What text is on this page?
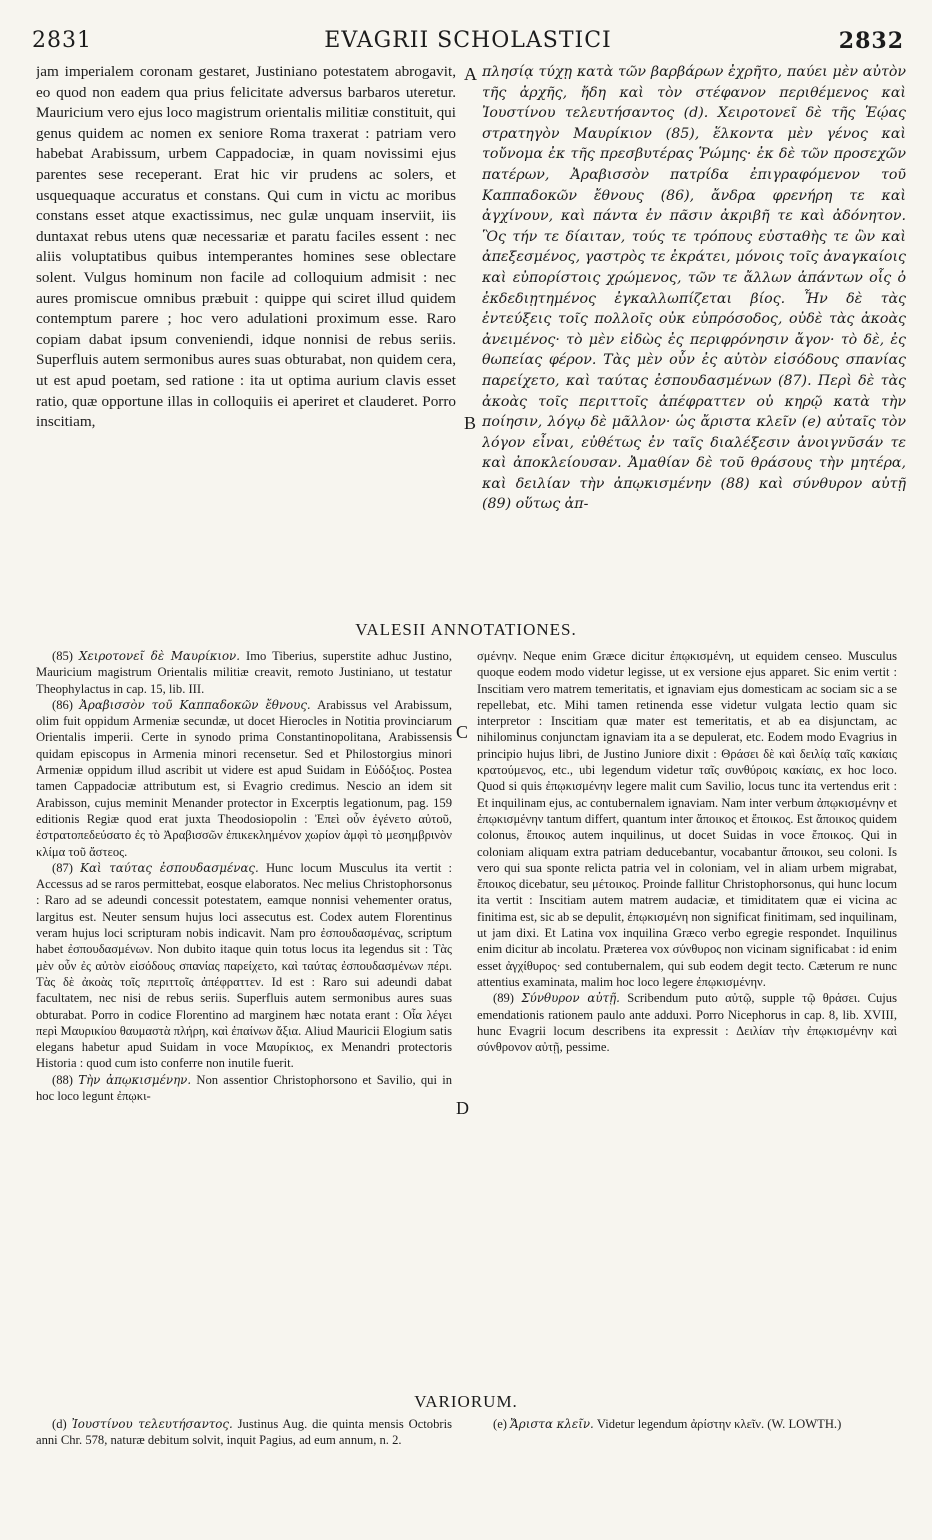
2831	EVAGRII SCHOLASTICI	2832
jam imperialem coronam gestaret, Justiniano potestatem abrogavit, eo quod non eadem qua prius felicitate adversus barbaros uteretur. Mauricium vero ejus loco magistrum orientalis militiæ constituit, qui genus quidem ac nomen ex seniore Roma traxerat : patriam vero habebat Arabissum, urbem Cappadociæ, in quam novissimi ejus parentes sese receperant. Erat hic vir prudens ac solers, et usquequaque accuratus et constans. Qui cum in victu ac moribus constans esset atque exactissimus, nec gulæ unquam inserviit, iis duntaxat rebus utens quæ necessariæ et paratu faciles essent : nec aliis voluptatibus quibus intemperantes homines sese oblectare solent. Vulgus hominum non facile ad colloquium admisit : nec aures promiscue omnibus præbuit : quippe qui sciret illud quidem contemptum parere ; hoc vero adulationi proximum esse. Raro copiam dabat ipsum conveniendi, idque nonnisi de rebus seriis. Superfluis autem sermonibus aures suas obturabat, non quidem cera, ut est apud poetam, sed ratione : ita ut optima aurium clavis esset ratio, quæ opportune illas in colloquiis ei aperiret et clauderet. Porro inscitiam,
πλησίᾳ τύχῃ κατὰ τῶν βαρβάρων ἐχρῆτο, παύει μὲν αὐτὸν τῆς ἀρχῆς, ἤδη καὶ τὸν στέφανον περιθέμενος καὶ Ἰουστίνου τελευτήσαντος (d). Χειροτονεῖ δὲ τῆς Ἑῴας στρατηγὸν Μαυρίκιον (85), ἕλκοντα μὲν γένος καὶ τοὔνομα ἐκ τῆς πρεσβυτέρας Ῥώμης· ἐκ δὲ τῶν προσεχῶν πατέρων, Ἀραβισσὸν πατρίδα ἐπιγραφόμενον τοῦ Καππαδοκῶν ἔθνους (86), ἄνδρα φρενήρη τε καὶ ἀγχίνουν, καὶ πάντα ἐν πᾶσιν ἀκριβῆ τε καὶ ἀδόνητον. Ὃς τήν τε δίαιταν, τούς τε τρόπους εὐσταθὴς τε ὢν καὶ ἀπεξεσμένος, γαστρὸς τε ἐκράτει, μόνοις τοῖς ἀναγκαίοις καὶ εὐπορίστοις χρώμενος, τῶν τε ἄλλων ἁπάντων οἷς ὁ ἐκδεδιῃτημένος ἐγκαλλωπίζεται βίος. Ἦν δὲ τὰς ἐντεύξεις τοῖς πολλοῖς οὐκ εὐπρόσοδος, οὐδὲ τὰς ἀκοὰς ἀνειμένος· τὸ μὲν εἰδὼς ἐς περιφρόνησιν ἄγον· τὸ δὲ, ἐς θωπείας φέρον. Τὰς μὲν οὖν ἐς αὐτὸν εἰσόδους σπανίας παρείχετο, καὶ ταύτας ἐσπουδασμένων (87). Περὶ δὲ τὰς ἀκοὰς τοῖς περιττοῖς ἀπέφραττεν οὐ κηρῷ κατὰ τὴν ποίησιν, λόγῳ δὲ μᾶλλον· ὡς ἄριστα κλεῖν (e) αὐταῖς τὸν λόγον εἶναι, εὐθέτως ἐν ταῖς διαλέξεσιν ἀνοιγνῦσάν τε καὶ ἀποκλείουσαν. Ἀμαθίαν δὲ τοῦ θράσους τὴν μητέρα, καὶ δειλίαν τὴν ἀπῳκισμένην (88) καὶ σύνθυρον αὐτῇ (89) οὕτως ἀπ-
A
B
C
D
VALESII ANNOTATIONES.

(85) Χειροτονεῖ δὲ Μαυρίκιον. Imo Tiberius, superstite adhuc Justino, Mauricium magistrum Orientalis militiæ creavit, remoto Justiniano, ut testatur Theophylactus in cap. 15, lib. III.

(86) Ἀραβισσὸν τοῦ Καππαδοκῶν ἔθνους. Arabissus vel Arabissum, olim fuit oppidum Armeniæ secundæ, ut docet Hierocles in Notitia provinciarum Orientalis imperii. Certe in synodo prima Constantinopolitana, Arabissensis quidam episcopus in Armenia minori recensetur. Sed et Philostorgius minori Armeniæ oppidum illud ascribit ut videre est apud Suidam in Εὐδόξιος. Postea tamen Cappadociæ attributum est, si Evagrio credimus. Nescio an idem sit Arabisson, cujus meminit Menander protector in Excerptis legationum, pag. 159 editionis Regiæ quod erat juxta Theodosiopolin : Ἐπεὶ οὖν ἐγένετο αὐτοῦ, ἐστρατοπεδεύσατο ἐς τὸ Ἀραβισσῶν ἐπικεκλημένον χωρίον ἀμφὶ τὸ μεσημβρινὸν κλίμα τοῦ ἄστεος.

(87) Καὶ ταύτας ἐσπουδασμένας. Hunc locum Musculus ita vertit : Accessus ad se raros permittebat, eosque elaboratos. Nec melius Christophorsonus : Raro ad se adeundi concessit potestatem, eamque nonnisi vehementer oratus, largitus est. Neuter sensum hujus loci assecutus est. Codex autem Florentinus veram hujus loci scripturam nobis indicavit. Nam pro ἐσπουδασμένας, scriptum habet ἐσπουδασμένων. Non dubito itaque quin totus locus ita legendus sit : Τὰς μὲν οὖν ἐς αὐτὸν εἰσόδους σπανίας παρείχετο, καὶ ταύτας ἐσπουδασμένων πέρι. Τὰς δὲ ἀκοὰς τοῖς περιττοῖς ἀπέφραττεν. Id est : Raro sui adeundi dabat facultatem, nec nisi de rebus seriis. Superfluis autem sermonibus aures suas obturabat. Porro in codice Florentino ad marginem hæc notata erant : Οἷα λέγει περὶ Μαυρικίου θαυμαστὰ πλήρη, καὶ ἐπαίνων ἄξια. Aliud Mauricii Elogium satis elegans habetur apud Suidam in voce Μαυρίκιος, ex Menandri protectoris Historia : quod cum isto conferre non inutile fuerit.

(88) Τὴν ἀπῳκισμένην. Non assentior Christophorsono et Savilio, qui in hoc loco legunt ἐπῳκι-

σμένην. Neque enim Græce dicitur ἐπῳκισμένη, ut equidem censeo. Musculus quoque eodem modo videtur legisse, ut ex versione ejus apparet. Sic enim vertit : Inscitiam vero matrem temeritatis, et ignaviam ejus domesticam ac sociam sic a se repellebat, etc. Mihi tamen retinenda esse videtur vulgata lectio quam sic interpretor : Inscitiam quæ mater est temeritatis, et ab ea disjunctam, ac nihilominus conjunctam ignaviam ita a se depulerat, etc. Eodem modo Evagrius in principio hujus libri, de Justino Juniore dixit : Θράσει δὲ καὶ δειλίᾳ ταῖς κακίαις κρατούμενος, etc., ubi legendum videtur ταῖς συνθύροις κακίαις, ex hoc loco. Quod si quis ἐπῳκισμένην legere malit cum Savilio, locus tunc ita vertendus erit : Et inquilinam ejus, ac contubernalem ignaviam. Nam inter verbum ἀπῳκισμένην et ἐπῳκισμένην tantum differt, quantum inter ἄποικος et ἔποικος. Est ἄποικος quidem colonus, ἔποικος autem inquilinus, ut docet Suidas in voce ἔποικος. Qui in coloniam aliquam extra patriam deducebantur, vocabantur ἄποικοι, seu coloni. Is vero qui sua sponte relicta patria vel in coloniam, vel in aliam urbem migrabat, ἔποικος dicebatur, seu μέτοικος. Proinde fallitur Christophorsonus, qui hunc locum ita vertit : Inscitiam autem matrem audaciæ, et timiditatem quæ ei vicina ac finitima est, sic ab se depulit, ἐπῳκισμένη non significat finitimam, sed inquilinam, ut jam dixi. Et Latina vox inquilina Græco verbo egregie respondet. Inquilinus enim dicitur ab incolatu. Præterea vox σύνθυρος non vicinam significabat : id enim esset ἀγχίθυρος· sed contubernalem, qui sub eodem degit tecto. Cæterum re nunc attentius examinata, malim hoc loco legere ἐπῳκισμένην.

(89) Σύνθυρον αὐτῇ. Scribendum puto αὐτῷ, supple τῷ θράσει. Cujus emendationis rationem paulo ante adduxi. Porro Nicephorus in cap. 8, lib. XVIII, hunc Evagrii locum describens ita expressit : Δειλίαν τὴν ἐπῳκισμένην καὶ σύνθρονον αὐτῇ, pessime.

VARIORUM.

(d) Ἰουστίνου τελευτήσαντος. Justinus Aug. die quinta mensis Octobris anni Chr. 578, naturæ debitum solvit, inquit Pagius, ad eum annum, n. 2.

(e) Ἄριστα κλεῖν. Videtur legendum ἀρίστην κλεῖν. (W. LOWTH.)
